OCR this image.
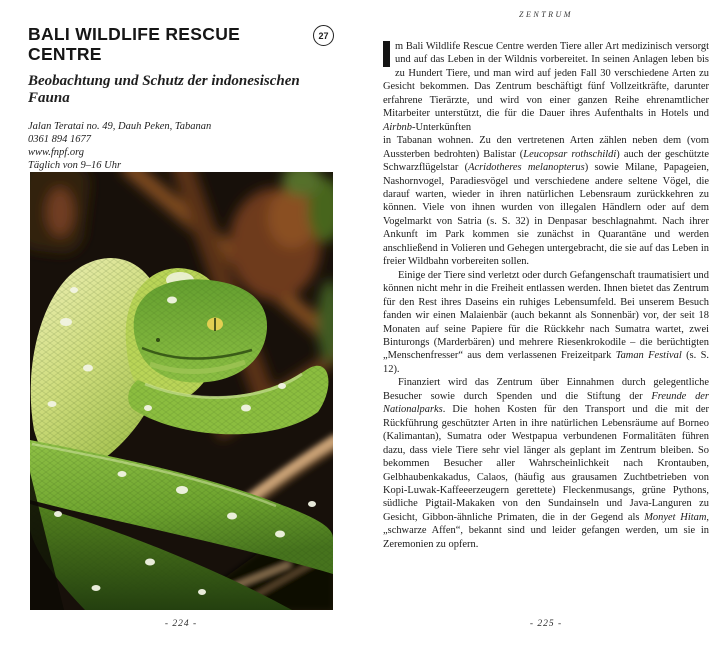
BALI WILDLIFE RESCUE CENTRE
27
Beobachtung und Schutz der indonesischen Fauna
Jalan Teratai no. 49, Dauh Peken, Tabanan
0361 894 1677
www.fnpf.org
Täglich von 9–16 Uhr
- 224 -
ZENTRUM

m Bali Wildlife Rescue Centre werden Tiere aller Art medizinisch versorgt und auf das Leben in der Wildnis vorbereitet. In seinen Anlagen leben bis zu Hundert Tiere, und man wird auf jeden Fall 30 verschiedene Arten zu Gesicht bekommen. Das Zentrum beschäftigt fünf Vollzeitkräfte, darunter erfahrene Tierärzte, und wird von einer ganzen Reihe ehrenamtlicher Mitarbeiter unterstützt, die für die Dauer ihres Aufenthalts in Hotels und Airbnb-Unterkünften
in Tabanan wohnen. Zu den vertretenen Arten zählen neben dem (vom Aussterben bedrohten) Balistar (Leucopsar rothschildi) auch der geschützte Schwarzflügelstar (Acridotheres melanopterus) sowie Milane, Papageien, Nashornvogel, Paradiesvögel und verschiedene andere seltene Vögel, die darauf warten, wieder in ihren natürlichen Lebensraum zurückkehren zu können. Viele von ihnen wurden von illegalen Händlern oder auf dem Vogelmarkt von Satria (s. S. 32) in Denpasar beschlagnahmt. Nach ihrer Ankunft im Park kommen sie zunächst in Quarantäne und werden anschließend in Volieren und Gehegen untergebracht, die sie auf das Leben in freier Wildbahn vorbereiten sollen.

Einige der Tiere sind verletzt oder durch Gefangenschaft traumatisiert und können nicht mehr in die Freiheit entlassen werden. Ihnen bietet das Zentrum für den Rest ihres Daseins ein ruhiges Lebensumfeld. Bei unserem Besuch fanden wir einen Malaienbär (auch bekannt als Sonnenbär) vor, der seit 18 Monaten auf seine Papiere für die Rückkehr nach Sumatra wartet, zwei Binturongs (Marderbären) und mehrere Riesenkrokodile – die berüchtigten „Menschenfresser“ aus dem verlassenen Freizeitpark Taman Festival (s. S. 12).

Finanziert wird das Zentrum über Einnahmen durch gelegentliche Besucher sowie durch Spenden und die Stiftung der Freunde der Nationalparks. Die hohen Kosten für den Transport und die mit der Rückführung geschützter Arten in ihre natürlichen Lebensräume auf Borneo (Kalimantan), Sumatra oder Westpapua verbundenen Formalitäten führen dazu, dass viele Tiere sehr viel länger als geplant im Zentrum bleiben. So bekommen Besucher aller Wahrscheinlichkeit nach Krontauben, Gelbhaubenkakadus, Calaos, (häufig aus grausamen Zuchtbetrieben von Kopi-Luwak-Kaffeeerzeugern gerettete) Fleckenmusangs, grüne Pythons, südliche Pigtail-Makaken von den Sundainseln und Java-Languren zu Gesicht, Gibbon-ähnliche Primaten, die in der Gegend als Monyet Hitam, „schwarze Affen“, bekannt sind und leider gefangen werden, um sie in Zeremonien zu opfern.

- 225 -
